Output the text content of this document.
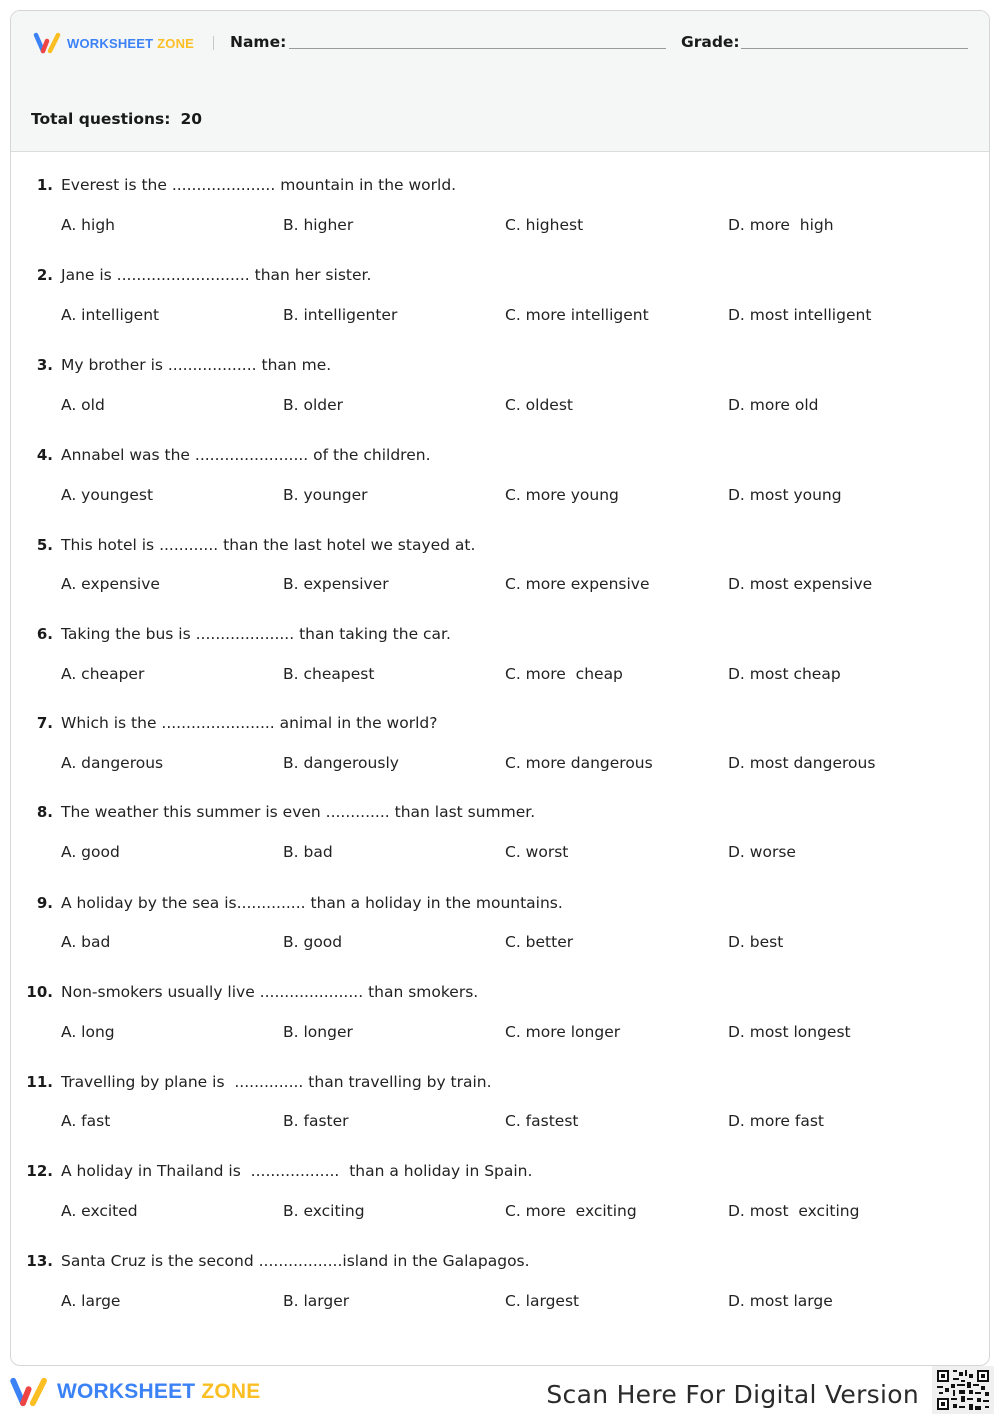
WORKSHEET ZONE Name:	Grade:
Total questions: 20
1. Everest is the ..................... mountain in the world.
A. high	B. higher	C. highest	D. more  high
2. Jane is ........................... than her sister.
A. intelligent	B. intelligenter	C. more intelligent	D. most intelligent
3. My brother is .................. than me.
A. old	B. older	C. oldest	D. more old
4. Annabel was the ....................... of the children.
A. youngest	B. younger	C. more young	D. most young
5. This hotel is ............ than the last hotel we stayed at.
A. expensive	B. expensiver	C. more expensive	D. most expensive
6. Taking the bus is .................... than taking the car.
A. cheaper	B. cheapest	C. more  cheap	D. most cheap
7. Which is the ....................... animal in the world?
A. dangerous	B. dangerously	C. more dangerous	D. most dangerous
8. The weather this summer is even ............. than last summer.
A. good	B. bad	C. worst	D. worse
9. A holiday by the sea is.............. than a holiday in the mountains.
A. bad	B. good	C. better	D. best
10. Non-smokers usually live ..................... than smokers.
A. long	B. longer	C. more longer	D. most longest
11. Travelling by plane is  .............. than travelling by train.
A. fast	B. faster	C. fastest	D. more fast
12. A holiday in Thailand is  ..................  than a holiday in Spain.
A. excited	B. exciting	C. more  exciting	D. most  exciting
13. Santa Cruz is the second .................island in the Galapagos.
A. large	B. larger	C. largest	D. most large
WORKSHEET ZONE	Scan Here For Digital Version
